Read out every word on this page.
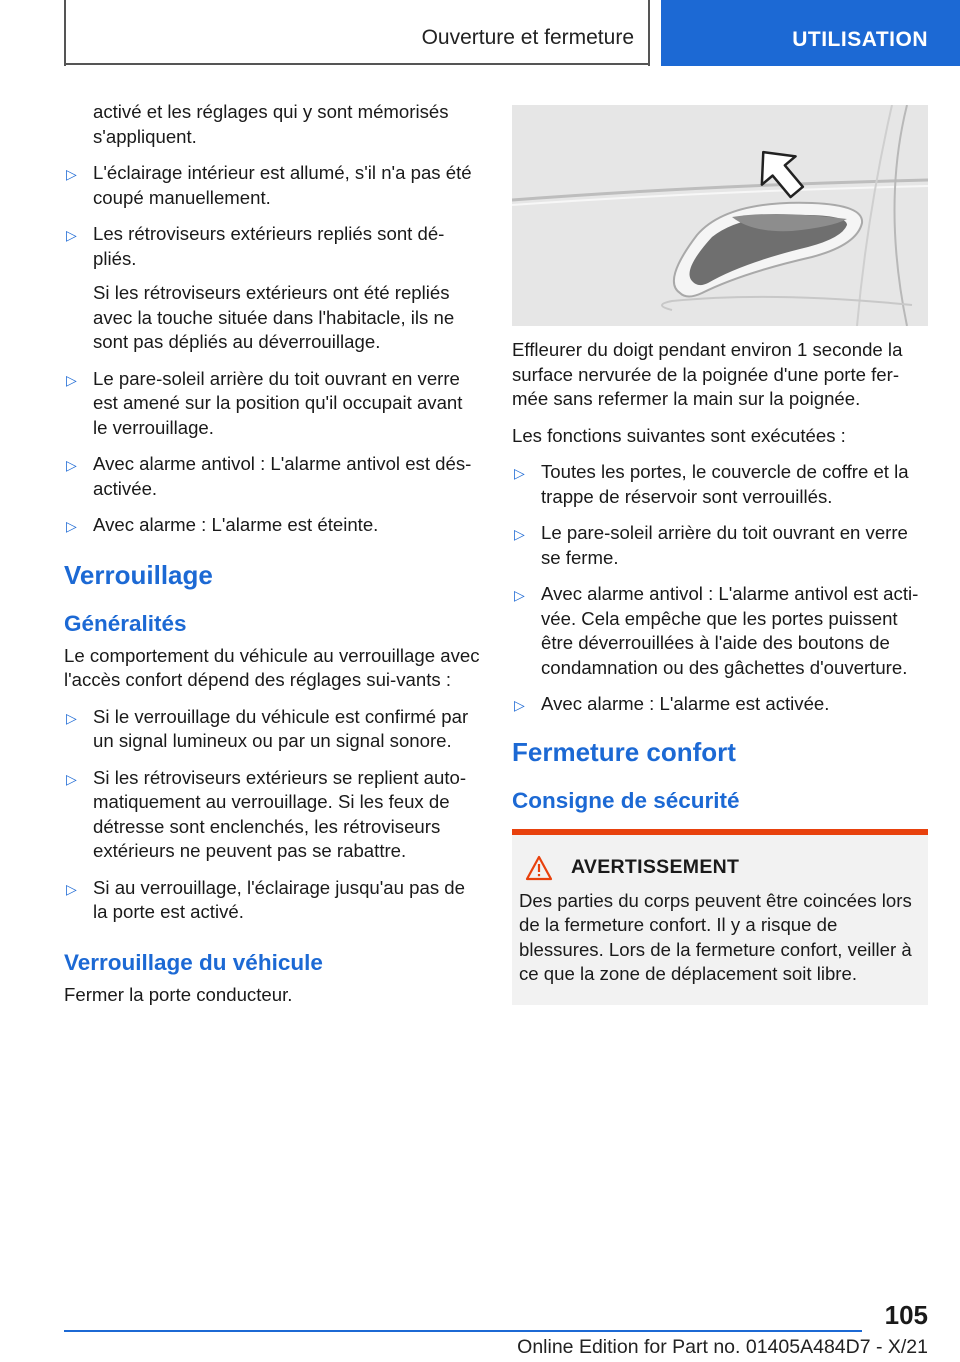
Ouverture et fermeture	UTILISATION

activé et les réglages qui y sont mémorisés s'appliquent.

▷ L'éclairage intérieur est allumé, s'il n'a pas été coupé manuellement.
▷ Les rétroviseurs extérieurs repliés sont dé‐pliés.

Si les rétroviseurs extérieurs ont été repliés avec la touche située dans l'habitacle, ils ne sont pas dépliés au déverrouillage.

▷ Le pare-soleil arrière du toit ouvrant en verre est amené sur la position qu'il occupait avant le verrouillage.
▷ Avec alarme antivol : L'alarme antivol est dés‐activée.
▷ Avec alarme : L'alarme est éteinte.
Verrouillage
Généralités

Le comportement du véhicule au verrouillage avec l'accès confort dépend des réglages sui‐vants :

▷ Si le verrouillage du véhicule est confirmé par un signal lumineux ou par un signal sonore.
▷ Si les rétroviseurs extérieurs se replient auto‐matiquement au verrouillage. Si les feux de détresse sont enclenchés, les rétroviseurs extérieurs ne peuvent pas se rabattre.
▷ Si au verrouillage, l'éclairage jusqu'au pas de la porte est activé.
Verrouillage du véhicule

Fermer la porte conducteur.

Effleurer du doigt pendant environ 1 seconde la surface nervurée de la poignée d'une porte fer‐mée sans refermer la main sur la poignée.

Les fonctions suivantes sont exécutées :

▷ Toutes les portes, le couvercle de coffre et la trappe de réservoir sont verrouillés.
▷ Le pare-soleil arrière du toit ouvrant en verre se ferme.
▷ Avec alarme antivol : L'alarme antivol est acti‐vée. Cela empêche que les portes puissent être déverrouillées à l'aide des boutons de condamnation ou des gâchettes d'ouverture.
▷ Avec alarme : L'alarme est activée.
Fermeture confort
Consigne de sécurité
AVERTISSEMENT
Des parties du corps peuvent être coincées lors de la fermeture confort. Il y a risque de blessures. Lors de la fermeture confort, veiller à ce que la zone de déplacement soit libre.
105
Online Edition for Part no. 01405A484D7 - X/21
